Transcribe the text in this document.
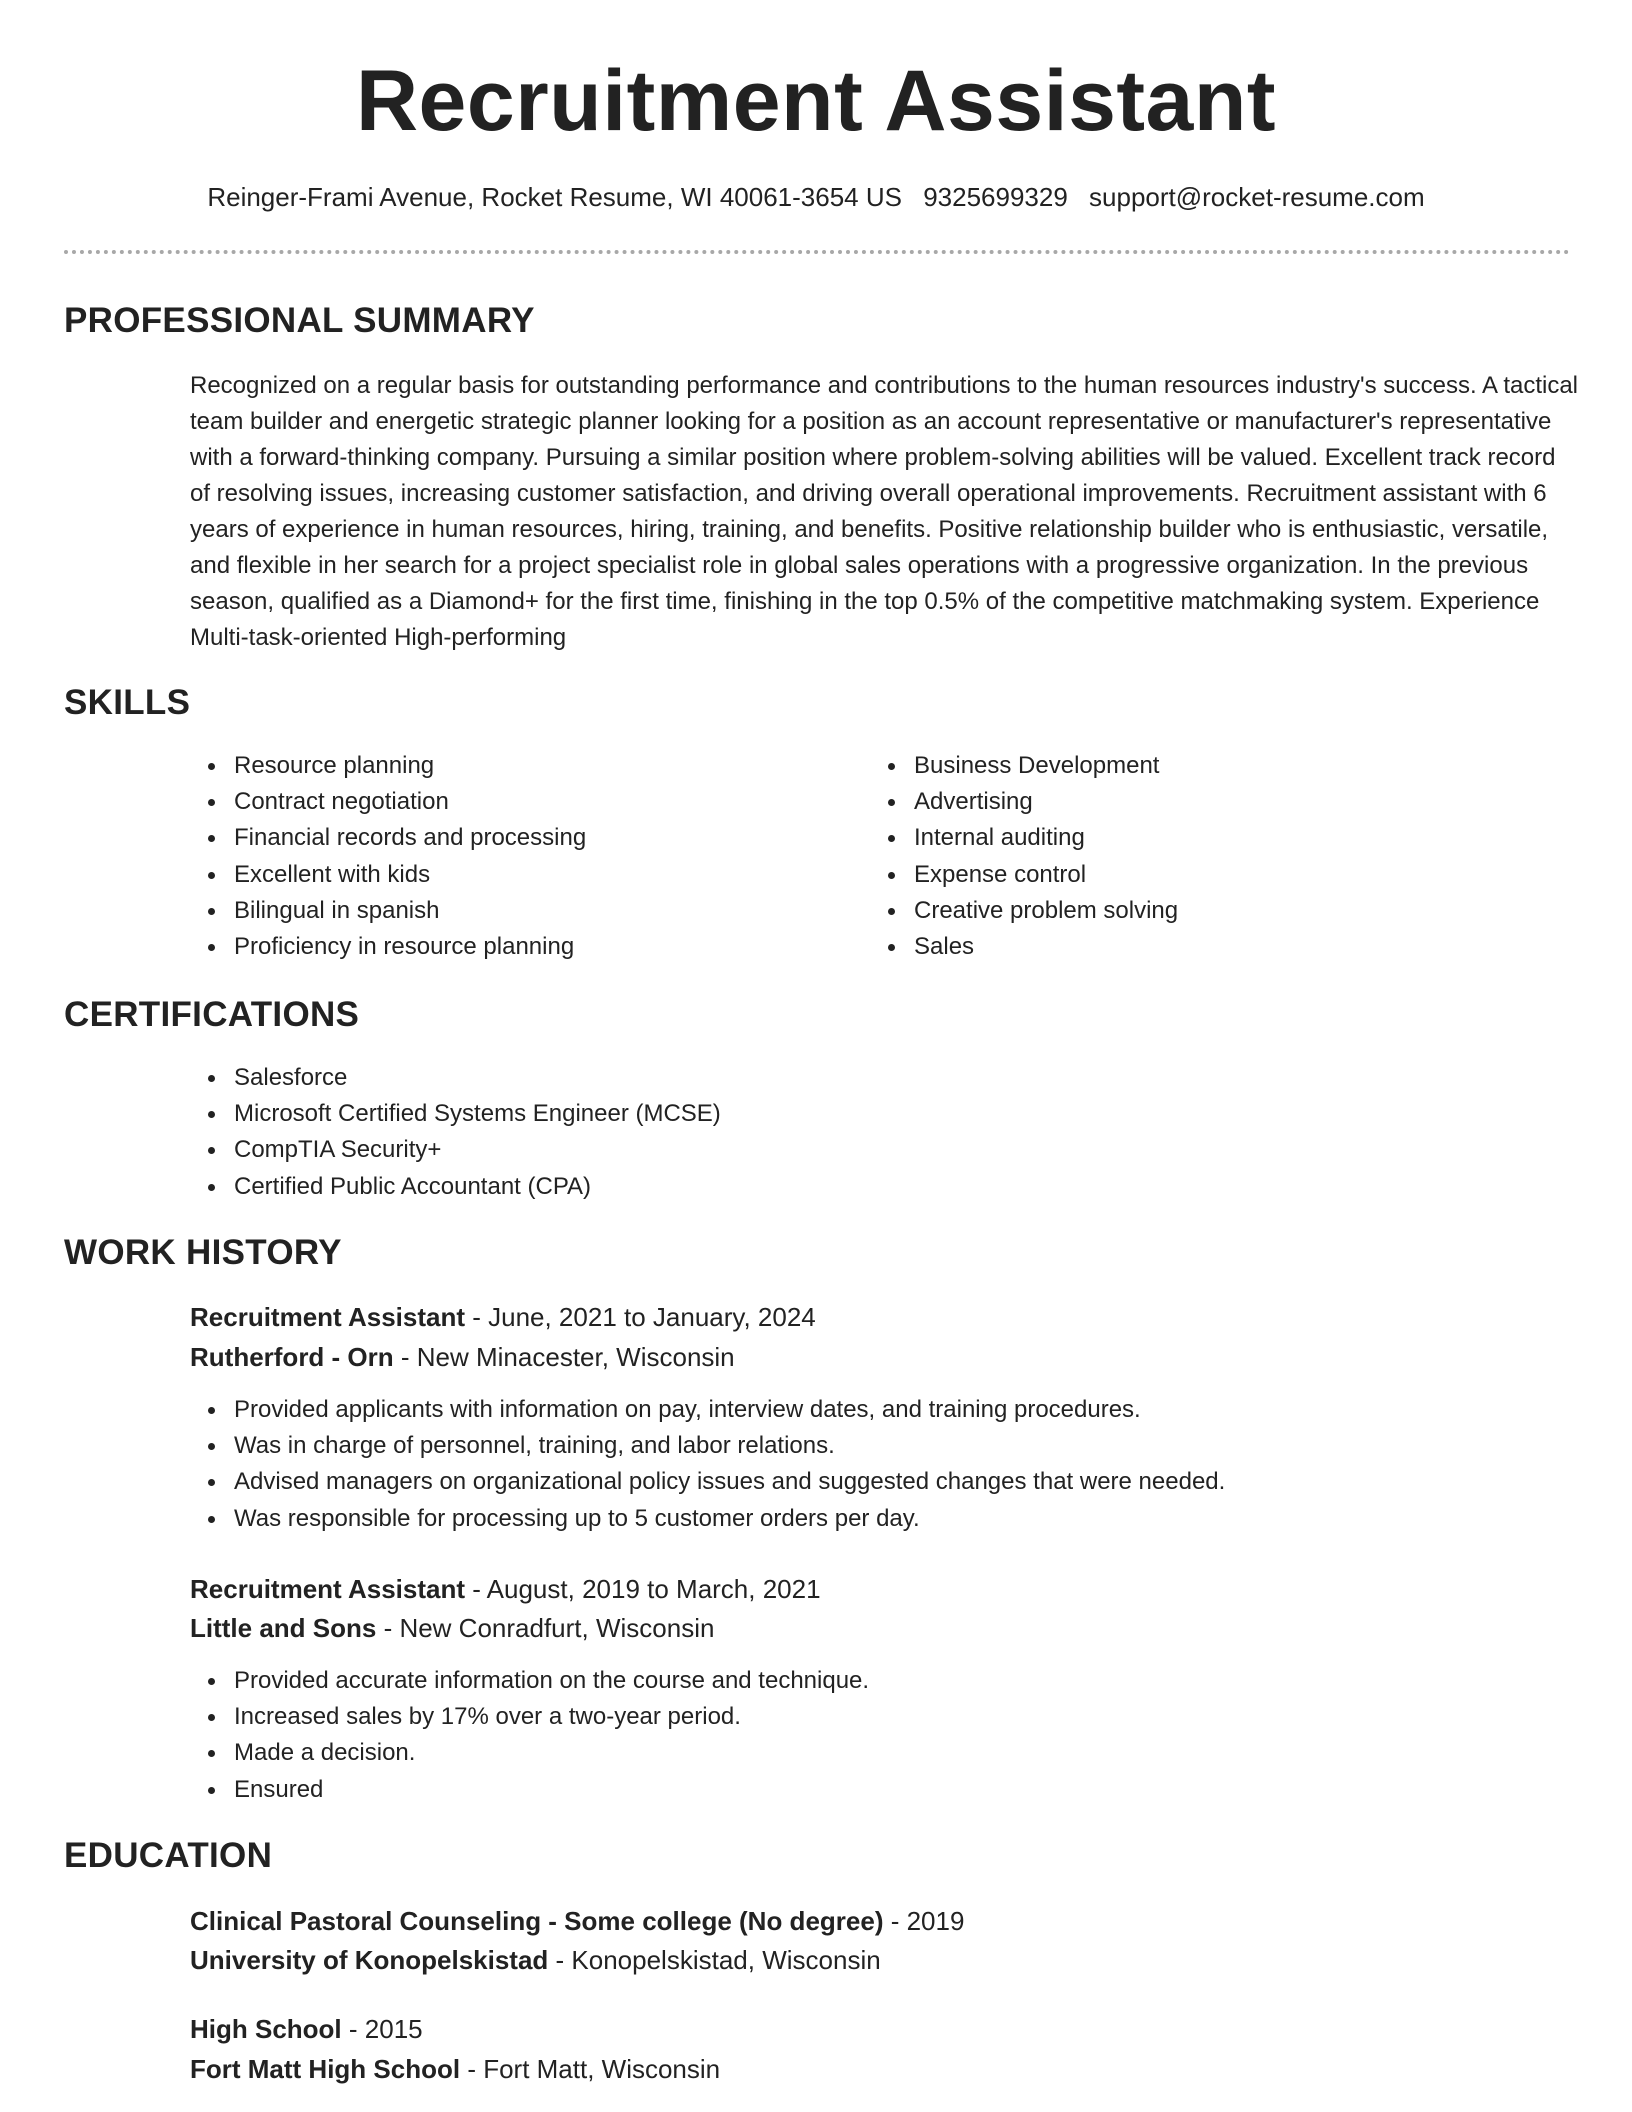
Recruitment Assistant
Reinger-Frami Avenue, Rocket Resume, WI 40061-3654 US 9325699329 support@rocket-resume.com
PROFESSIONAL SUMMARY

Recognized on a regular basis for outstanding performance and contributions to the human resources industry's success. A tactical team builder and energetic strategic planner looking for a position as an account representative or manufacturer's representative with a forward-thinking company. Pursuing a similar position where problem-solving abilities will be valued. Excellent track record of resolving issues, increasing customer satisfaction, and driving overall operational improvements. Recruitment assistant with 6 years of experience in human resources, hiring, training, and benefits. Positive relationship builder who is enthusiastic, versatile, and flexible in her search for a project specialist role in global sales operations with a progressive organization. In the previous season, qualified as a Diamond+ for the first time, finishing in the top 0.5% of the competitive matchmaking system. Experience Multi-task-oriented High-performing

SKILLS
Resource planning
Contract negotiation
Financial records and processing
Excellent with kids
Bilingual in spanish
Proficiency in resource planning
Business Development
Advertising
Internal auditing
Expense control
Creative problem solving
Sales
CERTIFICATIONS
Salesforce
Microsoft Certified Systems Engineer (MCSE)
CompTIA Security+
Certified Public Accountant (CPA)
WORK HISTORY
Recruitment Assistant - June, 2021 to January, 2024
Rutherford - Orn - New Minacester, Wisconsin
Provided applicants with information on pay, interview dates, and training procedures.
Was in charge of personnel, training, and labor relations.
Advised managers on organizational policy issues and suggested changes that were needed.
Was responsible for processing up to 5 customer orders per day.
Recruitment Assistant - August, 2019 to March, 2021
Little and Sons - New Conradfurt, Wisconsin
Provided accurate information on the course and technique.
Increased sales by 17% over a two-year period.
Made a decision.
Ensured
EDUCATION
Clinical Pastoral Counseling - Some college (No degree) - 2019
University of Konopelskistad - Konopelskistad, Wisconsin
High School - 2015
Fort Matt High School - Fort Matt, Wisconsin
